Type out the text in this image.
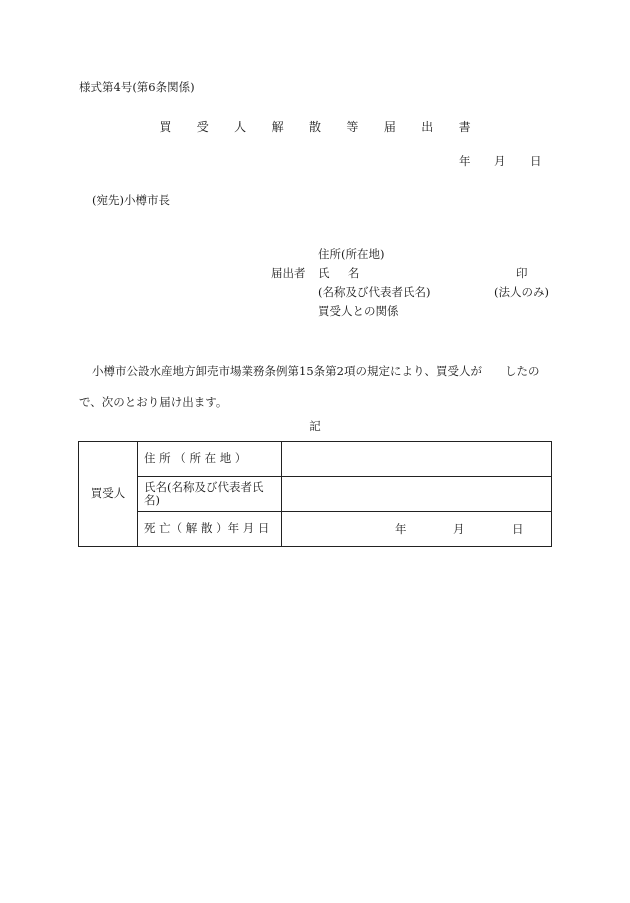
様式第4号(第6条関係)
買 受 人 解 散 等 届 出 書
年 月 日
(宛先)小樽市長
住所(所在地)
届出者 氏名	印
(名称及び代表者氏名)	(法人のみ)
買受人との関係
小樽市公設水産地方卸売市場業務条例第15条第2項の規定により、買受人が　　したの
で、次のとおり届け出ます。
記
買受人	住 所 （ 所 在 地 ）	
	氏名(名称及び代表者氏名)	
	死 亡（ 解 散 ）年 月 日	年 月 日
